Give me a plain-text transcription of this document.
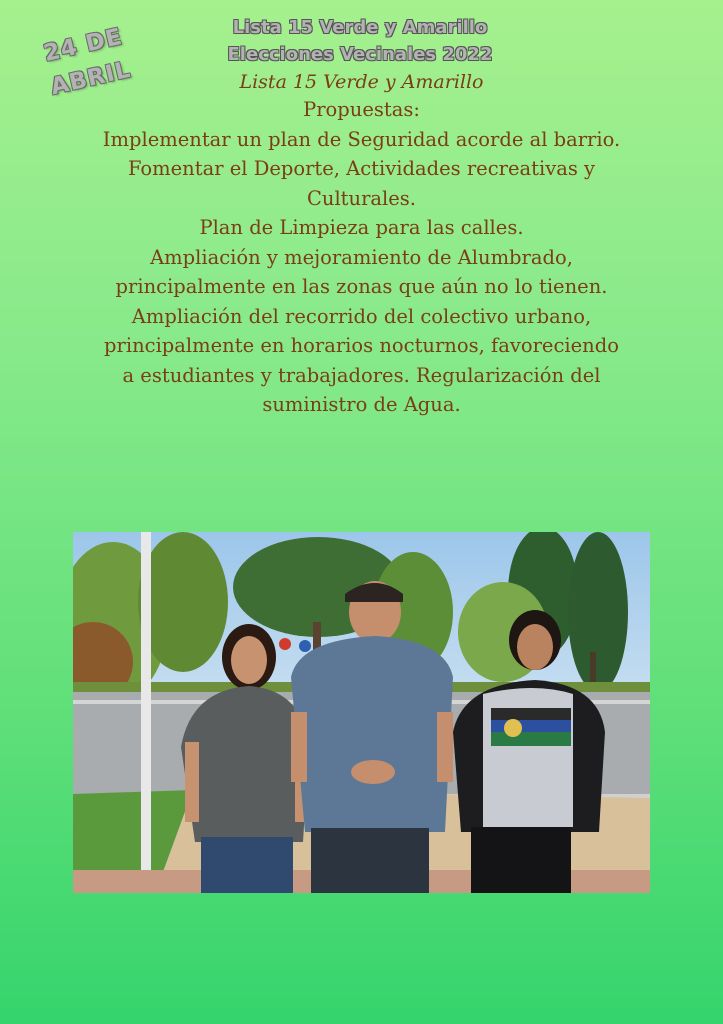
24 DE
ABRIL
Lista 15 Verde y Amarillo
Elecciones Vecinales 2022
Lista 15 Verde y Amarillo
Propuestas:
Implementar un plan de Seguridad acorde al barrio.
Fomentar el Deporte, Actividades recreativas y
Culturales.
Plan de Limpieza para las calles.
Ampliación y mejoramiento de Alumbrado,
principalmente en las zonas que aún no lo tienen.
Ampliación del recorrido del colectivo urbano,
principalmente en horarios nocturnos, favoreciendo
a estudiantes y trabajadores. Regularización del
suministro de Agua.
